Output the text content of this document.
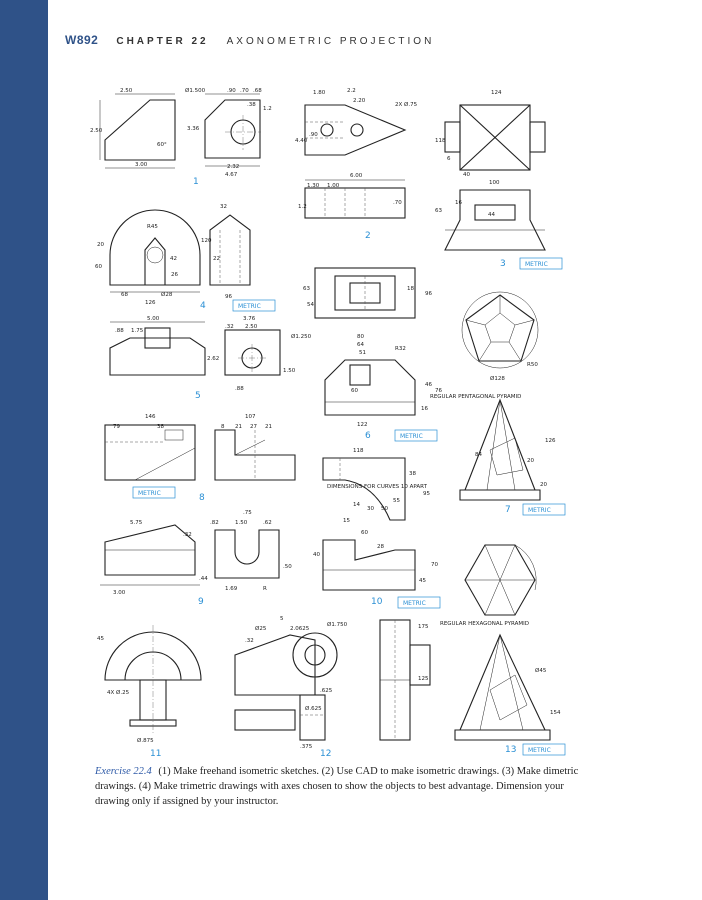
W892 CHAPTER 22 AXONOMETRIC PROJECTION
2.50
2.50
60°
3.00
3.36
Ø1.500	.90 .70 .68
.38
1.2
4.40
2.32
4.67
1
1.80	2.2
2.20
2X Ø.75
.90
6.00
1.30 1.00
1.2
.70
2
124
118
100
40
63
16
44
6
3	METRIC
R45
42
26
Ø28
68
126
32
22
96
120
20
60
4	METRIC
5.00
.88 1.75
3.76
.32 2.50
Ø1.250
2.62
1.50
.88
5
80
64
51
63
54
96
18
R32
122
60
46
76
16
6	METRIC
REGULAR PENTAGONAL PYRAMID
Ø128
126
84
20
20
R50
7	METRIC
146
79	38
107
8 21 27 21
METRIC	8
5.75
.75
.82	1.50	.62
.32
.44
3.00
1.69	R
.50
9
DIMENSIONS FOR CURVES 10 APART
118
38
95
14
50
30
55
60
40
15
28
45
70
10	METRIC
45
4X Ø.25
Ø.875
11
5
Ø25
Ø1.750
2.0625
.32
.625
.375
Ø.625
12
REGULAR HEXAGONAL PYRAMID
175
125
Ø45
154
13 METRIC

Exercise 22.4 (1) Make freehand isometric sketches. (2) Use CAD to make isometric drawings. (3) Make dimetric drawings. (4) Make trimetric drawings with axes chosen to show the objects to best advantage. Dimension your drawing only if assigned by your instructor.
